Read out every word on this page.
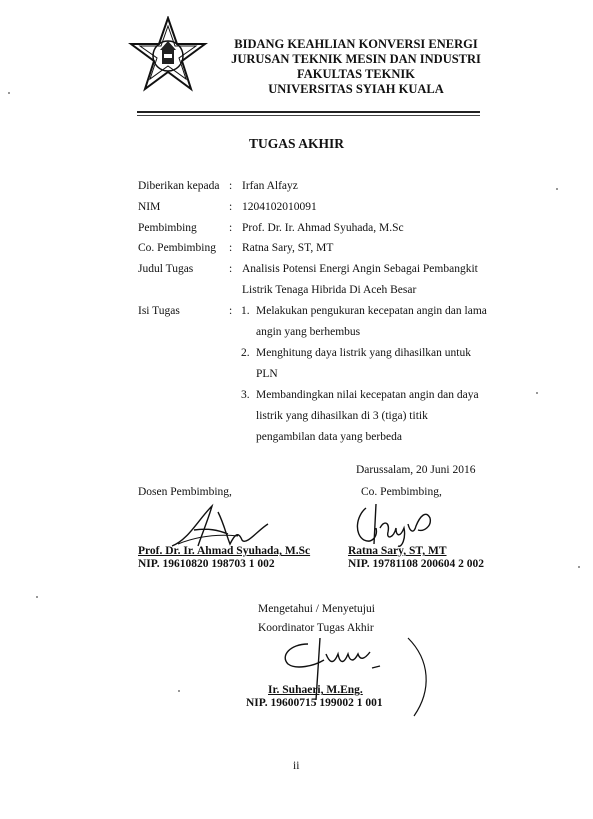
BIDANG KEAHLIAN KONVERSI ENERGI
JURUSAN TEKNIK MESIN DAN INDUSTRI
FAKULTAS TEKNIK
UNIVERSITAS SYIAH KUALA
TUGAS AKHIR
Diberikan kepada : Irfan Alfayz
NIM	: 1204102010091
Pembimbing	: Prof. Dr. Ir. Ahmad Syuhada, M.Sc
Co. Pembimbing : Ratna Sary, ST, MT
Judul Tugas	: Analisis Potensi Energi Angin Sebagai Pembangkit
Listrik Tenaga Hibrida Di Aceh Besar
Isi Tugas	: 1. Melakukan pengukuran kecepatan angin dan lama
angin yang berhembus
2. Menghitung daya listrik yang dihasilkan untuk
PLN
3. Membandingkan nilai kecepatan angin dan daya
listrik yang dihasilkan di 3 (tiga) titik
pengambilan data yang berbeda
Darussalam, 20 Juni 2016
Dosen Pembimbing,	Co. Pembimbing,
Prof. Dr. Ir. Ahmad Syuhada, M.Sc
NIP. 19610820 198703 1 002
Ratna Sary, ST, MT
NIP. 19781108 200604 2 002
Mengetahui / Menyetujui
Koordinator Tugas Akhir
Ir. Suhaeri, M.Eng.
NIP. 19600715 199002 1 001
ii
